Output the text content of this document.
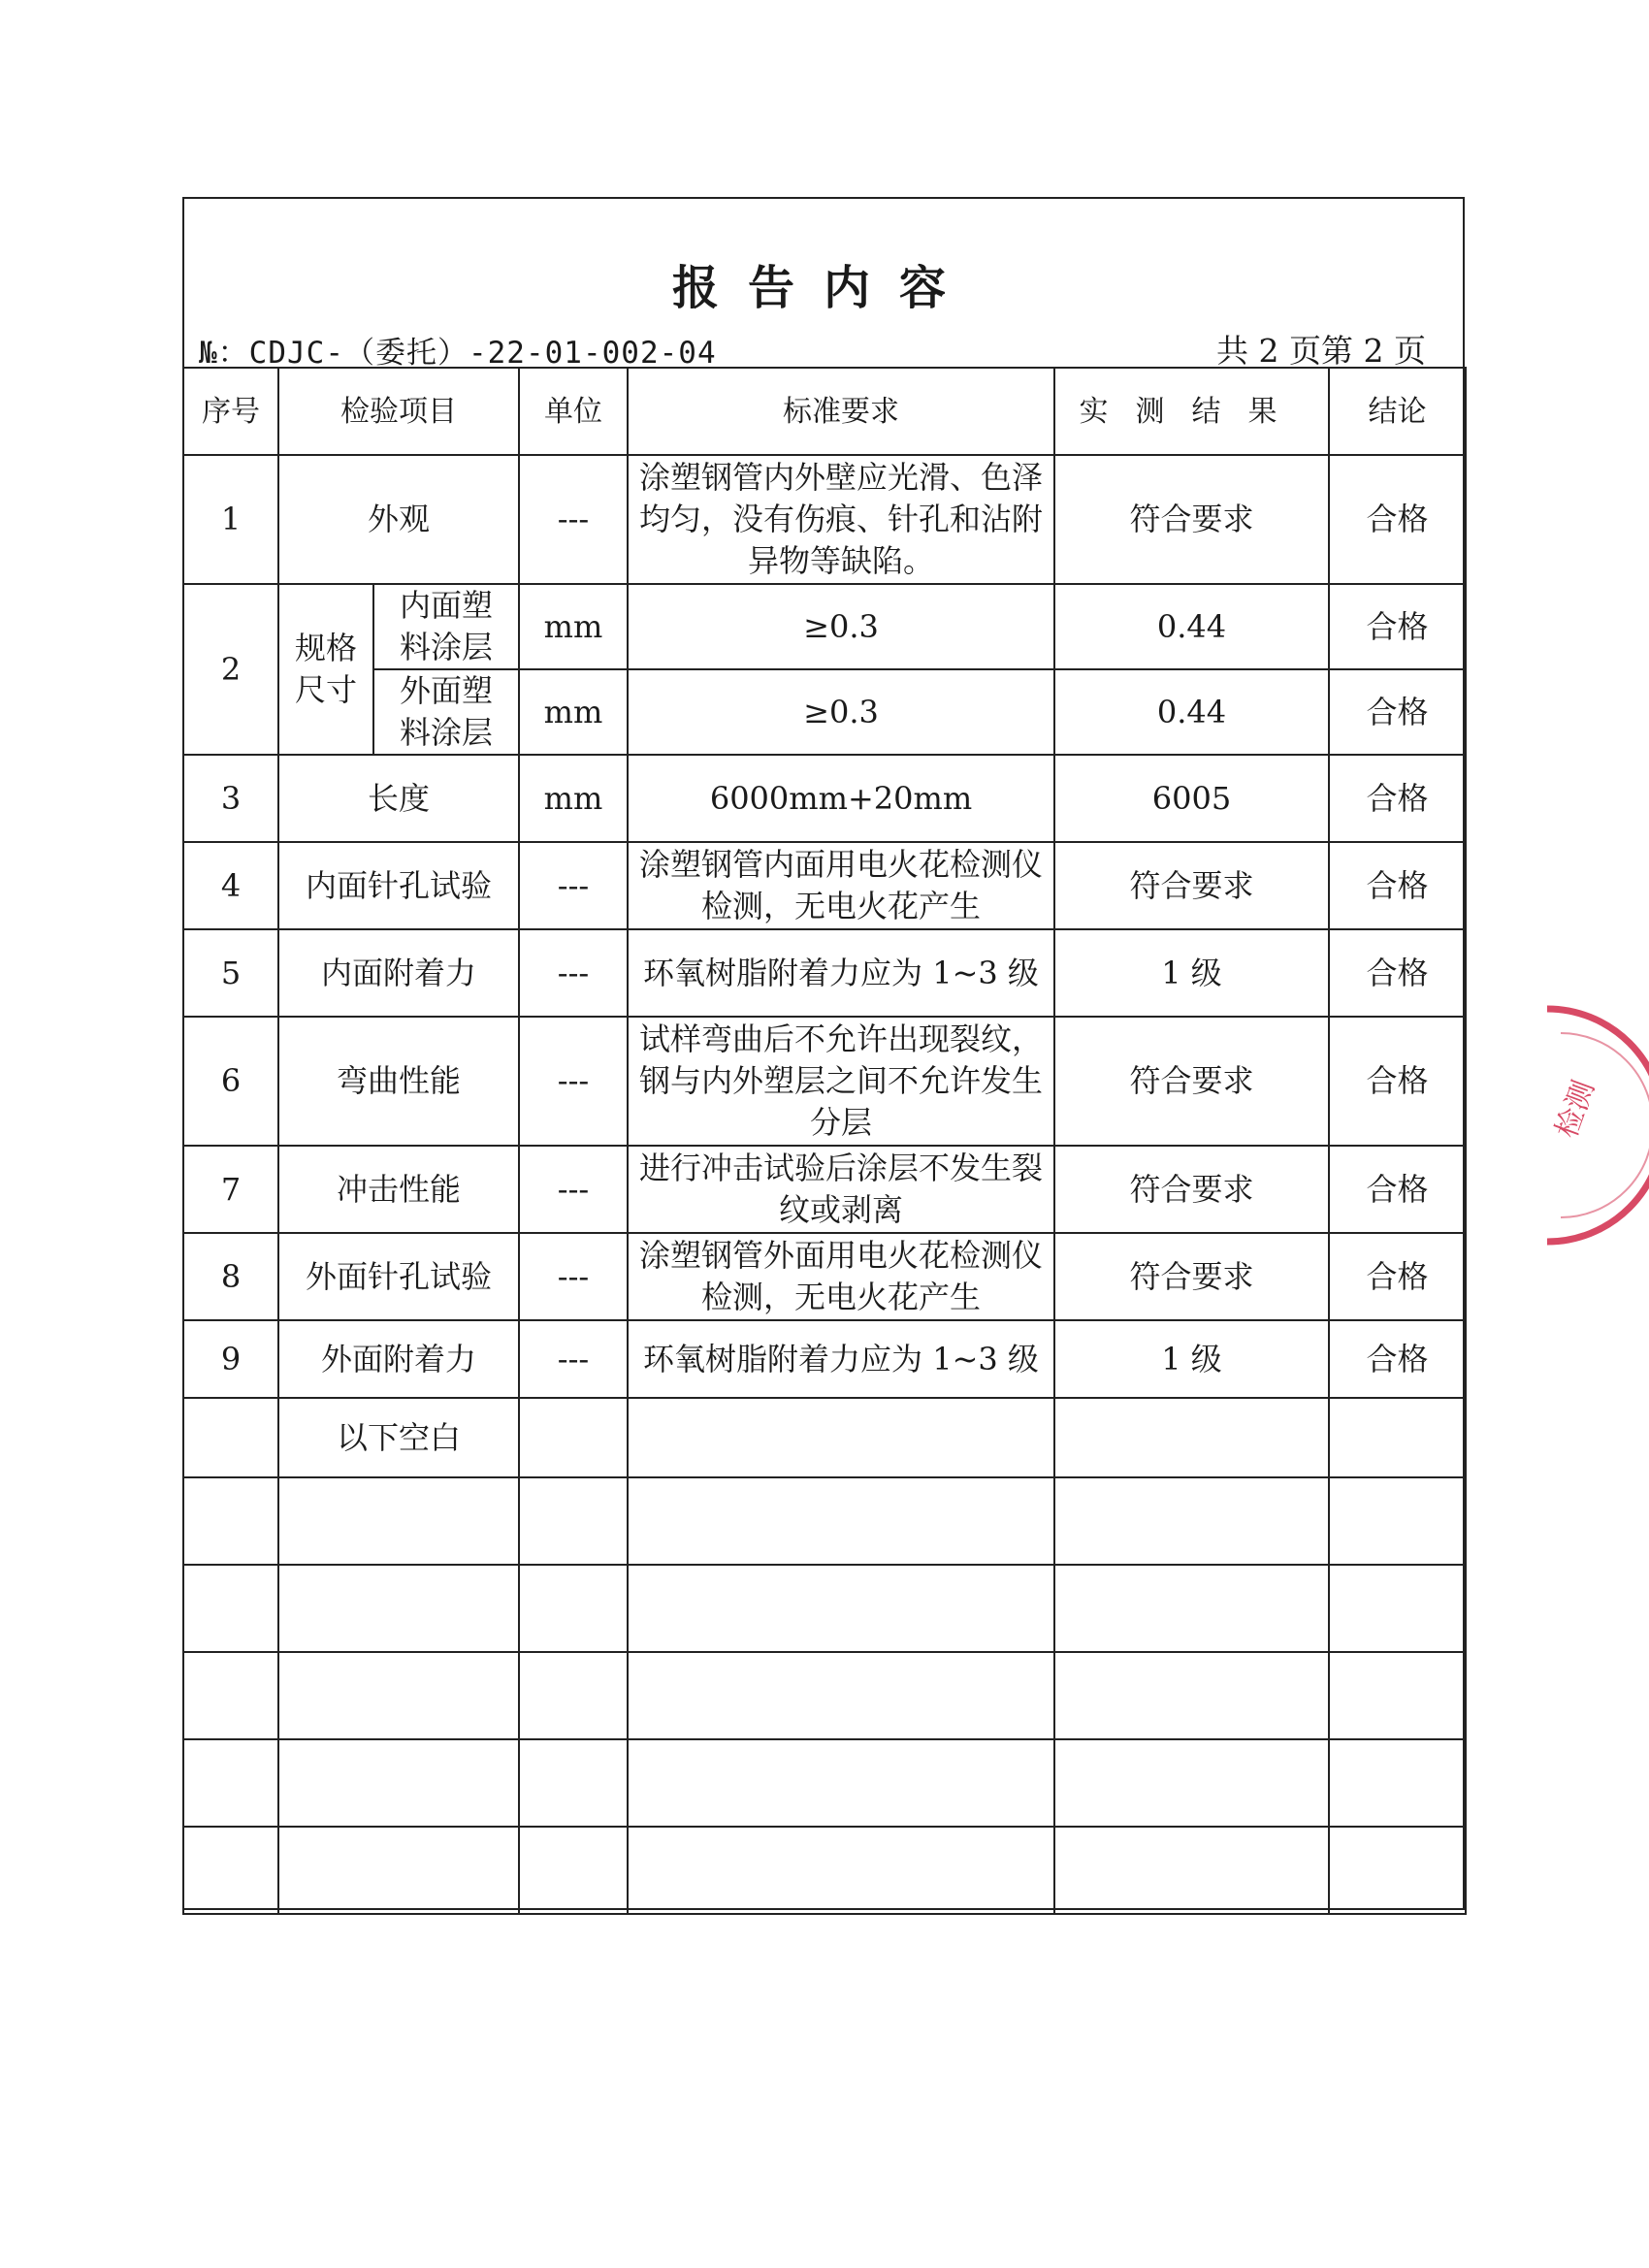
报告内容
№：CDJC-（委托）-22-01-002-04	共 2 页第 2 页
序号	检验项目		单位	标准要求	实测结果	结论
1	外观		---	涂塑钢管内外壁应光滑、色泽均匀，没有伤痕、针孔和沾附异物等缺陷。	符合要求	合格
2	规格尺寸	内面塑料涂层	mm	≥0.3	0.44	合格
		外面塑料涂层	mm	≥0.3	0.44	合格
3	长度		mm	6000mm+20mm	6005	合格
4	内面针孔试验		---	涂塑钢管内面用电火花检测仪检测，无电火花产生	符合要求	合格
5	内面附着力		---	环氧树脂附着力应为 1~3 级	1 级	合格
6	弯曲性能		---	试样弯曲后不允许出现裂纹，钢与内外塑层之间不允许发生分层	符合要求	合格
7	冲击性能		---	进行冲击试验后涂层不发生裂纹或剥离	符合要求	合格
8	外面针孔试验		---	涂塑钢管外面用电火花检测仪检测，无电火花产生	符合要求	合格
9	外面附着力		---	环氧树脂附着力应为 1~3 级	1 级	合格
	以下空白					

检测
